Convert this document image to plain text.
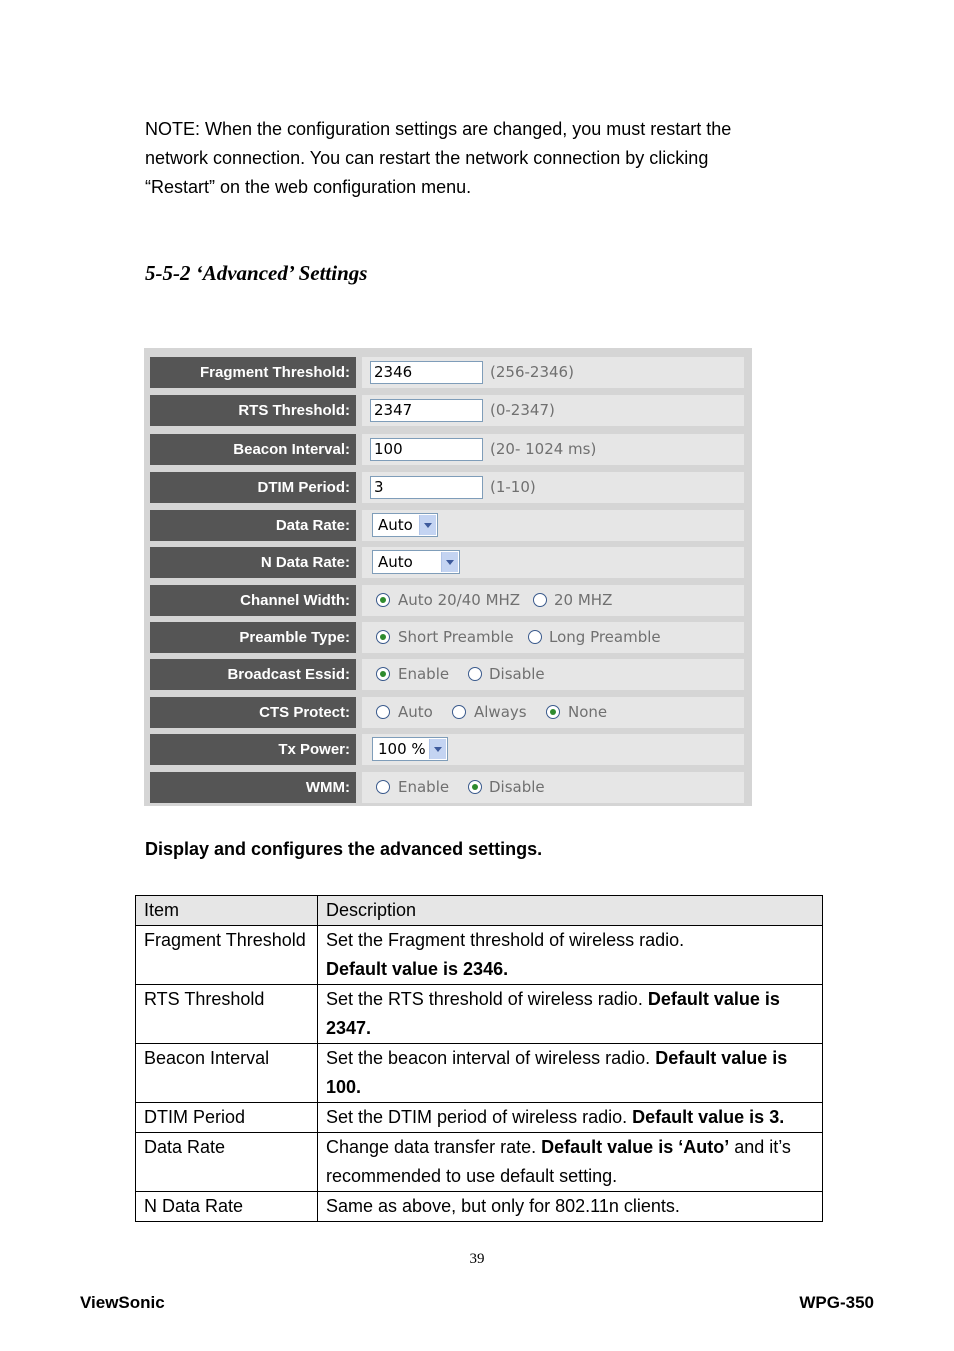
NOTE: When the configuration settings are changed, you must restart the

network connection. You can restart the network connection by clicking

“Restart” on the web configuration menu.

5-5-2 ‘Advanced’ Settings
Fragment Threshold:	2346	(256-2346)
RTS Threshold:	2347	(0-2347)
Beacon Interval:	100	(20- 1024 ms)
DTIM Period:	3	(1-10)
Data Rate:	Auto
N Data Rate:	Auto
Channel Width:	Auto 20/40 MHZ 20 MHZ
Preamble Type:	Short Preamble Long Preamble
Broadcast Essid:	Enable	Disable
CTS Protect:	Auto	Always	None
Tx Power:	100 %
WMM:	Enable	Disable
Display and configures the advanced settings.
Item	Description
Fragment Threshold	Set the Fragment threshold of wireless radio.
Default value is 2346.
RTS Threshold	Set the RTS threshold of wireless radio. Default value is 2347.
Beacon Interval	Set the beacon interval of wireless radio. Default value is 100.
DTIM Period	Set the DTIM period of wireless radio. Default value is 3.
Data Rate	Change data transfer rate. Default value is ‘Auto’ and it’s recommended to use default setting.
N Data Rate	Same as above, but only for 802.11n clients.
39
ViewSonic	WPG-350
